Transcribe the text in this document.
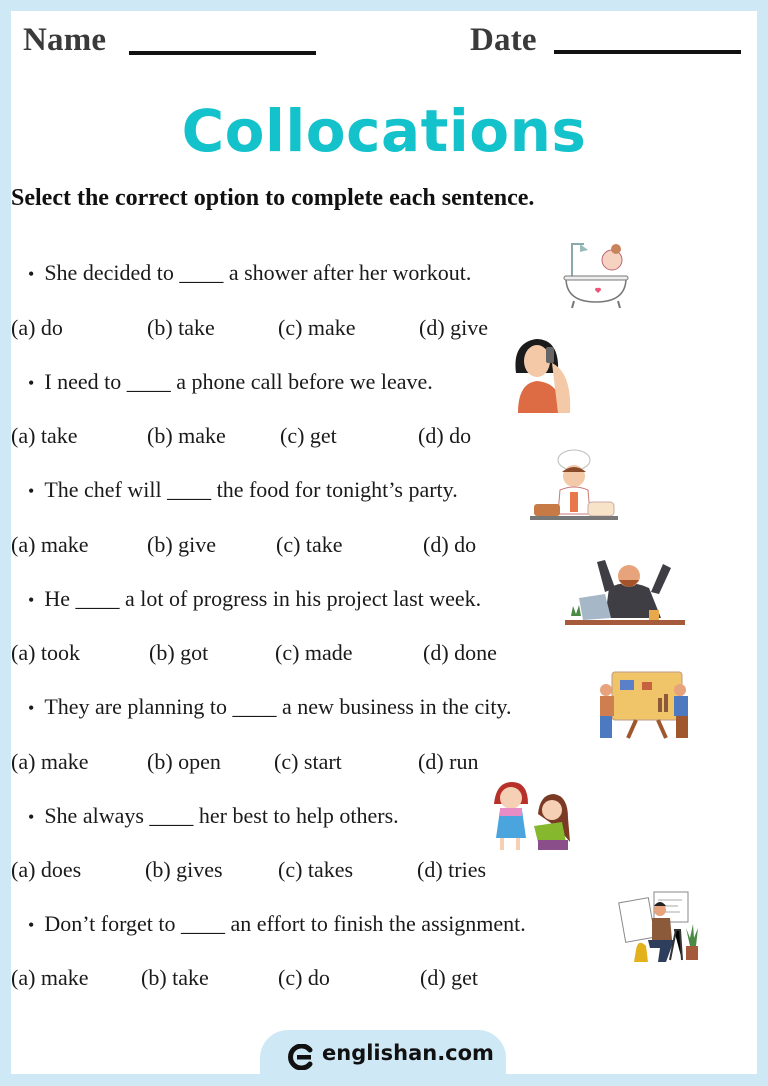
Name	Date
Collocations
Select the correct option to complete each sentence.
• She decided to ____ a shower after her workout.
(a) do	(b) take	(c) make	(d) give
• I need to ____ a phone call before we leave.
(a) take	(b) make (c) get	(d) do
• The chef will ____ the food for tonight’s party.
(a) make	(b) give	(c) take	(d) do
• He ____ a lot of progress in his project last week.
(a) took	(b) got	(c) made	(d) done
• They are planning to ____ a new business in the city.
(a) make	(b) open (c) start	(d) run
• She always ____ her best to help others.
(a) does	(b) gives	(c) takes	(d) tries
• Don’t forget to ____ an effort to finish the assignment.
(a) make (b) take	(c) do	(d) get
englishan.com
